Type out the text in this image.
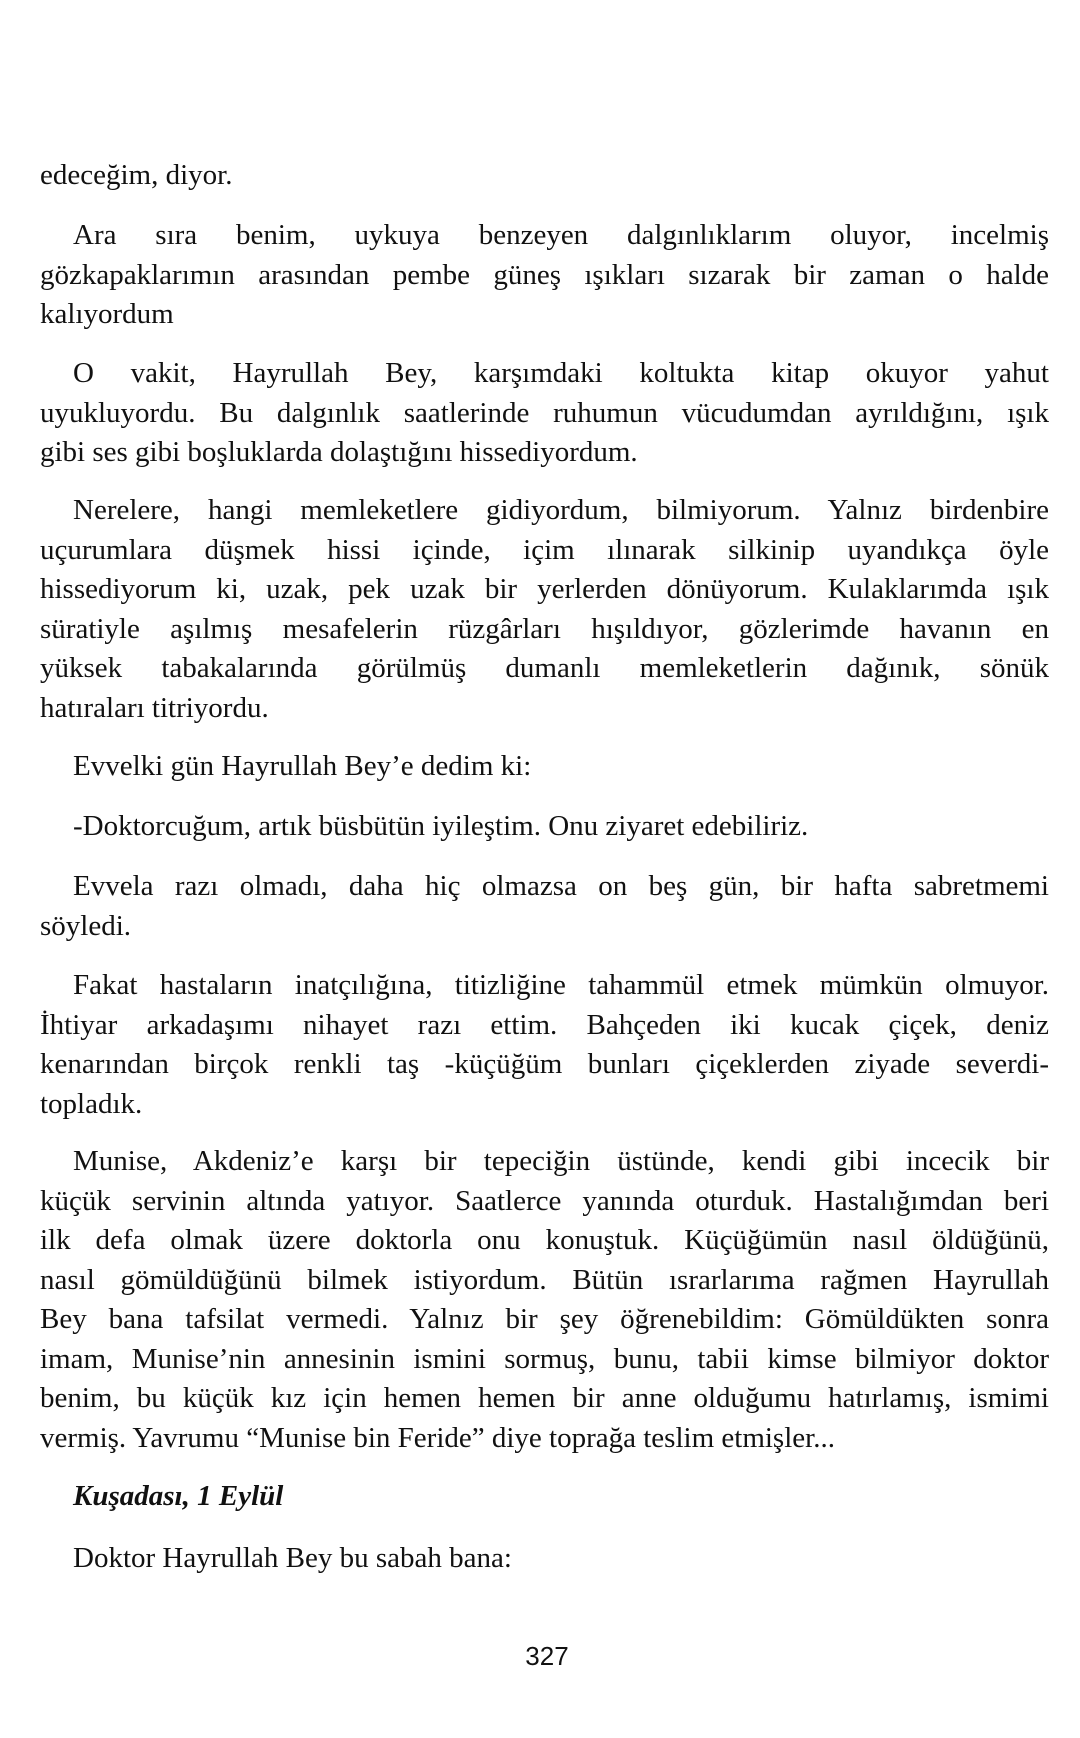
edeceğim, diyor.
Ara sıra benim, uykuya benzeyen dalgınlıklarım oluyor, incelmiş
gözkapaklarımın arasından pembe güneş ışıkları sızarak bir zaman o halde
kalıyordum
O vakit, Hayrullah Bey, karşımdaki koltukta kitap okuyor yahut
uyukluyordu. Bu dalgınlık saatlerinde ruhumun vücudumdan ayrıldığını, ışık
gibi ses gibi boşluklarda dolaştığını hissediyordum.
Nerelere, hangi memleketlere gidiyordum, bilmiyorum. Yalnız birdenbire
uçurumlara düşmek hissi içinde, içim ılınarak silkinip uyandıkça öyle
hissediyorum ki, uzak, pek uzak bir yerlerden dönüyorum. Kulaklarımda ışık
süratiyle aşılmış mesafelerin rüzgârları hışıldıyor, gözlerimde havanın en
yüksek tabakalarında görülmüş dumanlı memleketlerin dağınık, sönük
hatıraları titriyordu.
Evvelki gün Hayrullah Bey’e dedim ki:
-Doktorcuğum, artık büsbütün iyileştim. Onu ziyaret edebiliriz.
Evvela razı olmadı, daha hiç olmazsa on beş gün, bir hafta sabretmemi
söyledi.
Fakat hastaların inatçılığına, titizliğine tahammül etmek mümkün olmuyor.
İhtiyar arkadaşımı nihayet razı ettim. Bahçeden iki kucak çiçek, deniz
kenarından birçok renkli taş -küçüğüm bunları çiçeklerden ziyade severdi-
topladık.
Munise, Akdeniz’e karşı bir tepeciğin üstünde, kendi gibi incecik bir
küçük servinin altında yatıyor. Saatlerce yanında oturduk. Hastalığımdan beri
ilk defa olmak üzere doktorla onu konuştuk. Küçüğümün nasıl öldüğünü,
nasıl gömüldüğünü bilmek istiyordum. Bütün ısrarlarıma rağmen Hayrullah
Bey bana tafsilat vermedi. Yalnız bir şey öğrenebildim: Gömüldükten sonra
imam, Munise’nin annesinin ismini sormuş, bunu, tabii kimse bilmiyor doktor
benim, bu küçük kız için hemen hemen bir anne olduğumu hatırlamış, ismimi
vermiş. Yavrumu “Munise bin Feride” diye toprağa teslim etmişler...
Kuşadası, 1 Eylül
Doktor Hayrullah Bey bu sabah bana:
327
